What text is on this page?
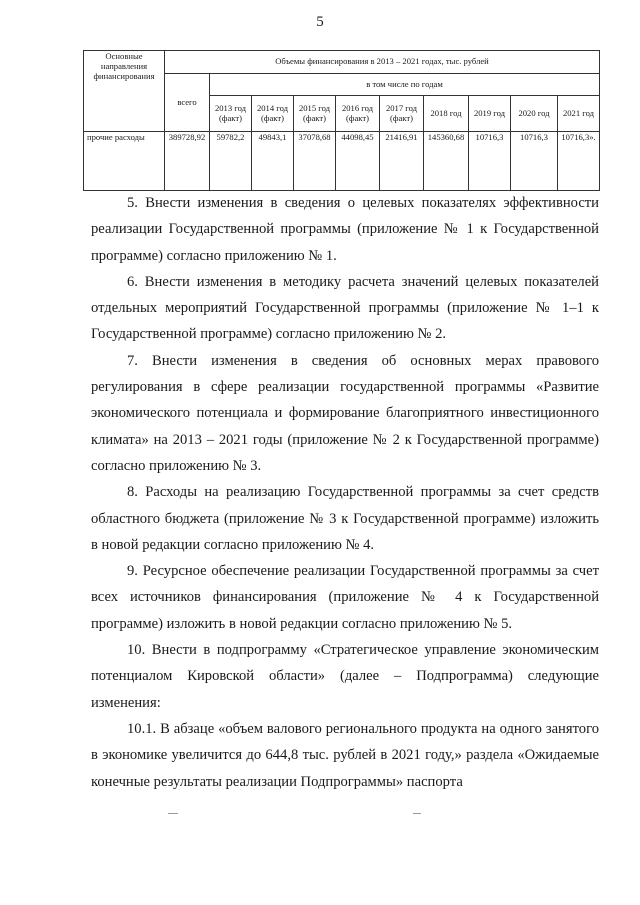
5
Основные направления финансирования	Объемы финансирования в 2013 – 2021 годах, тыс. рублей									
	всего	в том числе по годам								
		2013 год (факт)	2014 год (факт)	2015 год (факт)	2016 год (факт)	2017 год (факт)	2018 год	2019 год	2020 год	2021 год
прочие расходы	389728,92	59782,2	49843,1	37078,68	44098,45	21416,91	145360,68	10716,3	10716,3	10716,3».

5. Внести изменения в сведения о целевых показателях эффективности реализации Государственной программы (приложение № 1 к Государственной программе) согласно приложению № 1.

6. Внести изменения в методику расчета значений целевых показателей отдельных мероприятий Государственной программы (приложение № 1–1 к Государственной программе) согласно приложению № 2.

7. Внести изменения в сведения об основных мерах правового регулирования в сфере реализации государственной программы «Развитие экономического потенциала и формирование благоприятного инвестиционного климата» на 2013 – 2021 годы (приложение № 2 к Государственной программе) согласно приложению № 3.

8. Расходы на реализацию Государственной программы за счет средств областного бюджета (приложение № 3 к Государственной программе) изложить в новой редакции согласно приложению № 4.

9. Ресурсное обеспечение реализации Государственной программы за счет всех источников финансирования (приложение № 4 к Государственной программе) изложить в новой редакции согласно приложению № 5.

10. Внести в подпрограмму «Стратегическое управление экономическим потенциалом Кировской области» (далее – Подпрограмма) следующие изменения:

10.1. В абзаце «объем валового регионального продукта на одного занятого в экономике увеличится до 644,8 тыс. рублей в 2021 году,» раздела «Ожидаемые конечные результаты реализации Подпрограммы» паспорта
